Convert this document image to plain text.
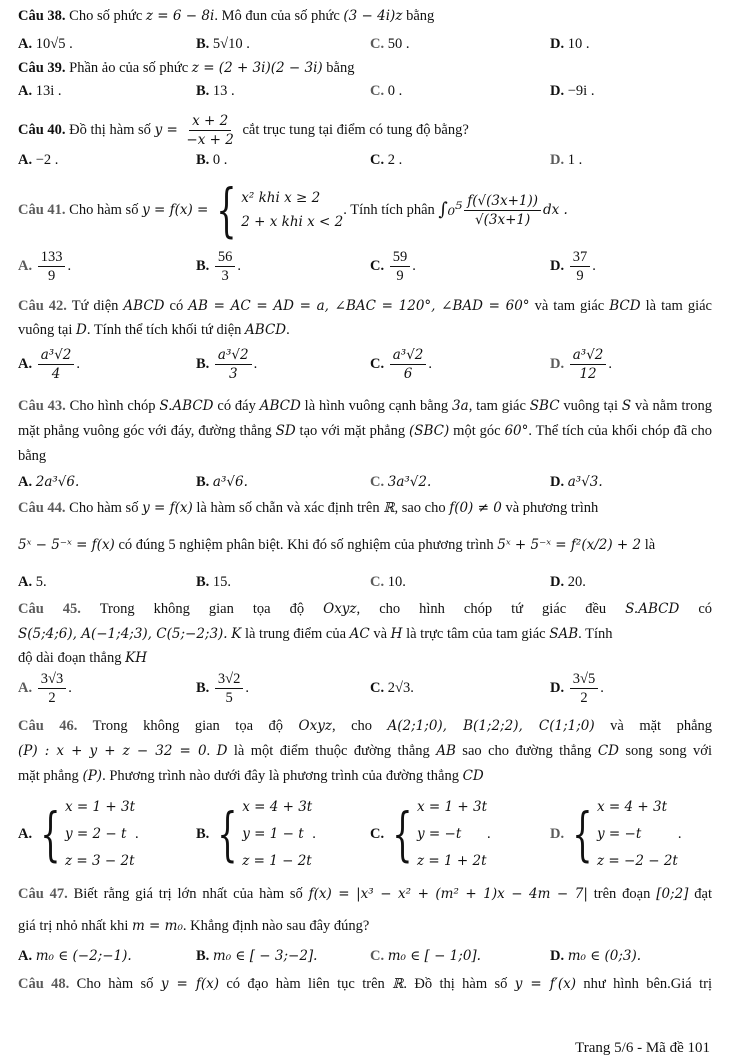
Câu 38. Cho số phức z = 6 − 8i. Mô đun của số phức (3 − 4i)z bằng
A. 10√5 .	B. 5√10 .	C. 50 .	D. 10 .
Câu 39. Phần ảo của số phức z = (2 + 3i)(2 − 3i) bằng
A. 13i .	B. 13 .	C. 0 .	D. −9i .
Câu 40. Đồ thị hàm số $y = \frac{x + 2}{-x + 2}$ cắt trục tung tại điểm có tung độ bằng?
A. −2 .	B. 0 .	C. 2 .	D. 1 .
Câu 41. Cho hàm số y = f(x) = { x² khi x ≥ 2
2 + x khi x < 2
. Tính tích phân $\int_0^5 \frac{f(√(3x+1))}{√(3x+1)}$ dx .
A. $\frac{133}{9}$ .	B. $\frac{56}{3}$ .	C. $\frac{59}{9}$ .	D. $\frac{37}{9}$ .
Câu 42. Tứ diện ABCD có AB = AC = AD = a, ∠BAC = 120°, ∠BAD = 60° và tam giác BCD là tam giác vuông tại D. Tính thể tích khối tứ diện ABCD.
A. $\frac{\text{a³√2}}{4}$ .	B. $\frac{\text{a³√2}}{3}$ .	C. $\frac{\text{a³√2}}{6}$ .	D. $\frac{\text{a³√2}}{12}$ .
Câu 43. Cho hình chóp S.ABCD có đáy ABCD là hình vuông cạnh bằng 3a, tam giác SBC vuông tại S và nằm trong mặt phẳng vuông góc với đáy, đường thẳng SD tạo với mặt phẳng (SBC) một góc 60°. Thể tích của khối chóp đã cho bằng
A. 2a³√6.	B. a³√6.	C. 3a³√2.	D. a³√3.
Câu 44. Cho hàm số y = f(x) là hàm số chẵn và xác định trên ℝ, sao cho f(0) ≠ 0 và phương trình
5ˣ − 5⁻ˣ = f(x) có đúng 5 nghiệm phân biệt. Khi đó số nghiệm của phương trình 5ˣ + 5⁻ˣ = f²(x/2) + 2 là
A. 5.	B. 15.	C. 10.	D. 20.
Câu 45. Trong không gian tọa độ Oxyz, cho hình chóp tứ giác đều S.ABCD có
S(5;4;6), A(−1;4;3), C(5;−2;3). K là trung điểm của AC và H là trực tâm của tam giác SAB. Tính
độ dài đoạn thẳng KH
A. $\frac{3√3}{2}$ .	B. $\frac{3√2}{5}$ .	C. 2√3.	D. $\frac{3√5}{2}$ .
Câu 46. Trong không gian tọa độ Oxyz, cho A(2;1;0), B(1;2;2), C(1;1;0) và mặt phẳng
(P) : x + y + z − 32 = 0. D là một điểm thuộc đường thẳng AB sao cho đường thẳng CD song song với
mặt phẳng (P). Phương trình nào dưới đây là phương trình của đường thẳng CD
A. { x = 1 + 3t
y = 2 − t
z = 3 − 2t
.	B. { x = 4 + 3t
y = 1 − t
z = 1 − 2t
.	C. { x = 1 + 3t
y = −t
z = 1 + 2t
.	D. { x = 4 + 3t
y = −t
z = −2 − 2t
.
Câu 47. Biết rằng giá trị lớn nhất của hàm số f(x) = |x³ − x² + (m² + 1)x − 4m − 7| trên đoạn [0;2] đạt
giá trị nhỏ nhất khi m = m₀. Khẳng định nào sau đây đúng?
A. m₀ ∈ (−2;−1).	B. m₀ ∈ [ − 3;−2].	C. m₀ ∈ [ − 1;0].	D. m₀ ∈ (0;3).
Câu 48. Cho hàm số y = f(x) có đạo hàm liên tục trên ℝ. Đồ thị hàm số y = f′(x) như hình bên.Giá trị
Trang 5/6 - Mã đề 101
